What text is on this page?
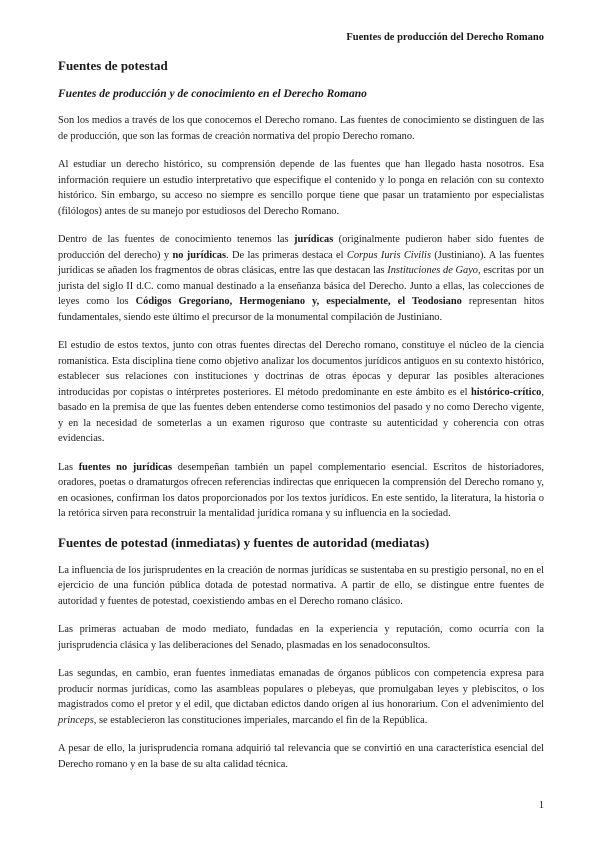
Fuentes de producción del Derecho Romano
Fuentes de potestad
Fuentes de producción y de conocimiento en el Derecho Romano

Son los medios a través de los que conocemos el Derecho romano. Las fuentes de conocimiento se distinguen de las de producción, que son las formas de creación normativa del propio Derecho romano.

Al estudiar un derecho histórico, su comprensión depende de las fuentes que han llegado hasta nosotros. Esa información requiere un estudio interpretativo que especifique el contenido y lo ponga en relación con su contexto histórico. Sin embargo, su acceso no siempre es sencillo porque tiene que pasar un tratamiento por especialistas (filólogos) antes de su manejo por estudiosos del Derecho Romano.

Dentro de las fuentes de conocimiento tenemos las jurídicas (originalmente pudieron haber sido fuentes de producción del derecho) y no jurídicas. De las primeras destaca el Corpus Iuris Civilis (Justiniano). A las fuentes jurídicas se añaden los fragmentos de obras clásicas, entre las que destacan las Instituciones de Gayo, escritas por un jurista del siglo II d.C. como manual destinado a la enseñanza básica del Derecho. Junto a ellas, las colecciones de leyes como los Códigos Gregoriano, Hermogeniano y, especialmente, el Teodosiano representan hitos fundamentales, siendo este último el precursor de la monumental compilación de Justiniano.

El estudio de estos textos, junto con otras fuentes directas del Derecho romano, constituye el núcleo de la ciencia romanística. Esta disciplina tiene como objetivo analizar los documentos jurídicos antiguos en su contexto histórico, establecer sus relaciones con instituciones y doctrinas de otras épocas y depurar las posibles alteraciones introducidas por copistas o intérpretes posteriores. El método predominante en este ámbito es el histórico-crítico, basado en la premisa de que las fuentes deben entenderse como testimonios del pasado y no como Derecho vigente, y en la necesidad de someterlas a un examen riguroso que contraste su autenticidad y coherencia con otras evidencias.

Las fuentes no jurídicas desempeñan también un papel complementario esencial. Escritos de historiadores, oradores, poetas o dramaturgos ofrecen referencias indirectas que enriquecen la comprensión del Derecho romano y, en ocasiones, confirman los datos proporcionados por los textos jurídicos. En este sentido, la literatura, la historia o la retórica sirven para reconstruir la mentalidad jurídica romana y su influencia en la sociedad.

Fuentes de potestad (inmediatas) y fuentes de autoridad (mediatas)

La influencia de los jurisprudentes en la creación de normas jurídicas se sustentaba en su prestigio personal, no en el ejercicio de una función pública dotada de potestad normativa. A partir de ello, se distingue entre fuentes de autoridad y fuentes de potestad, coexistiendo ambas en el Derecho romano clásico.

Las primeras actuaban de modo mediato, fundadas en la experiencia y reputación, como ocurría con la jurisprudencia clásica y las deliberaciones del Senado, plasmadas en los senadoconsultos.

Las segundas, en cambio, eran fuentes inmediatas emanadas de órganos públicos con competencia expresa para producir normas jurídicas, como las asambleas populares o plebeyas, que promulgaban leyes y plebiscitos, o los magistrados como el pretor y el edil, que dictaban edictos dando origen al ius honorarium. Con el advenimiento del princeps, se establecieron las constituciones imperiales, marcando el fin de la República.

A pesar de ello, la jurisprudencia romana adquirió tal relevancia que se convirtió en una característica esencial del Derecho romano y en la base de su alta calidad técnica.

1
